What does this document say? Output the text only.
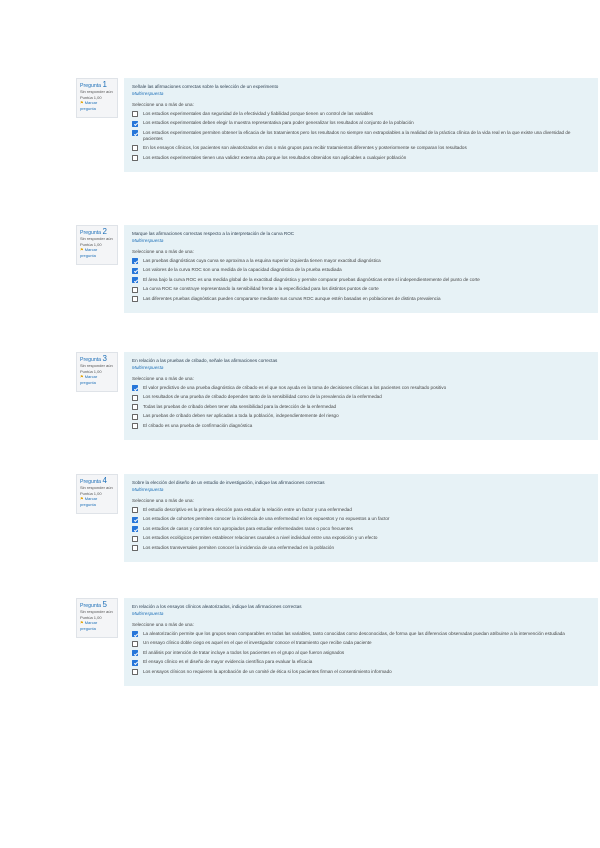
Pregunta 1
Sin responder aún
Puntúa 1,00
⚑ Marcar pregunta
Señale las afirmaciones correctas sobre la selección de un experimento
Multirrespuesta
Seleccione una o más de una:
Los estudios experimentales dan seguridad de la efectividad y fiabilidad porque tienen un control de las variables
Los estudios experimentales deben elegir la muestra representativa para poder generalizar los resultados al conjunto de la población
Los estudios experimentales permiten obtener la eficacia de los tratamientos pero los resultados no siempre son extrapolables a la realidad de la práctica clínica de la vida real en la que existe una diversidad de pacientes
En los ensayos clínicos, los pacientes son aleatorizados en dos o más grupos para recibir tratamientos diferentes y posteriormente se comparan los resultados
Los estudios experimentales tienen una validez externa alta porque los resultados obtenidos son aplicables a cualquier población
Pregunta 2
Sin responder aún
Puntúa 1,00
⚑ Marcar pregunta
Marque las afirmaciones correctas respecto a la interpretación de la curva ROC
Multirrespuesta
Seleccione una o más de una:
Las pruebas diagnósticas cuya curva se aproxima a la esquina superior izquierda tienen mayor exactitud diagnóstica
Los valores de la curva ROC son una medida de la capacidad diagnóstica de la prueba estudiada
El área bajo la curva ROC es una medida global de la exactitud diagnóstica y permite comparar pruebas diagnósticas entre sí independientemente del punto de corte
La curva ROC se construye representando la sensibilidad frente a la especificidad para los distintos puntos de corte
Las diferentes pruebas diagnósticas pueden compararse mediante sus curvas ROC aunque estén basadas en poblaciones de distinta prevalencia
Pregunta 3
Sin responder aún
Puntúa 1,00
⚑ Marcar pregunta
En relación a las pruebas de cribado, señale las afirmaciones correctas
Multirrespuesta
Seleccione una o más de una:
El valor predictivo de una prueba diagnóstica de cribado es el que nos ayuda en la toma de decisiones clínicas a los pacientes con resultado positivo
Los resultados de una prueba de cribado dependen tanto de la sensibilidad como de la prevalencia de la enfermedad
Todas las pruebas de cribado deben tener alta sensibilidad para la detección de la enfermedad
Las pruebas de cribado deben ser aplicadas a toda la población, independientemente del riesgo
El cribado es una prueba de confirmación diagnóstica
Pregunta 4
Sin responder aún
Puntúa 1,00
⚑ Marcar pregunta
Sobre la elección del diseño de un estudio de investigación, indique las afirmaciones correctas
Multirrespuesta
Seleccione una o más de una:
El estudio descriptivo es la primera elección para estudiar la relación entre un factor y una enfermedad
Los estudios de cohortes permiten conocer la incidencia de una enfermedad en los expuestos y no expuestos a un factor
Los estudios de casos y controles son apropiados para estudiar enfermedades raras o poco frecuentes
Los estudios ecológicos permiten establecer relaciones causales a nivel individual entre una exposición y un efecto
Los estudios transversales permiten conocer la incidencia de una enfermedad en la población
Pregunta 5
Sin responder aún
Puntúa 1,00
⚑ Marcar pregunta
En relación a los ensayos clínicos aleatorizados, indique las afirmaciones correctas
Multirrespuesta
Seleccione una o más de una:
La aleatorización permite que los grupos sean comparables en todas las variables, tanto conocidas como desconocidas, de forma que las diferencias observadas puedan atribuirse a la intervención estudiada
Un ensayo clínico doble ciego es aquel en el que el investigador conoce el tratamiento que recibe cada paciente
El análisis por intención de tratar incluye a todos los pacientes en el grupo al que fueron asignados
El ensayo clínico es el diseño de mayor evidencia científica para evaluar la eficacia
Los ensayos clínicos no requieren la aprobación de un comité de ética si los pacientes firman el consentimiento informado
